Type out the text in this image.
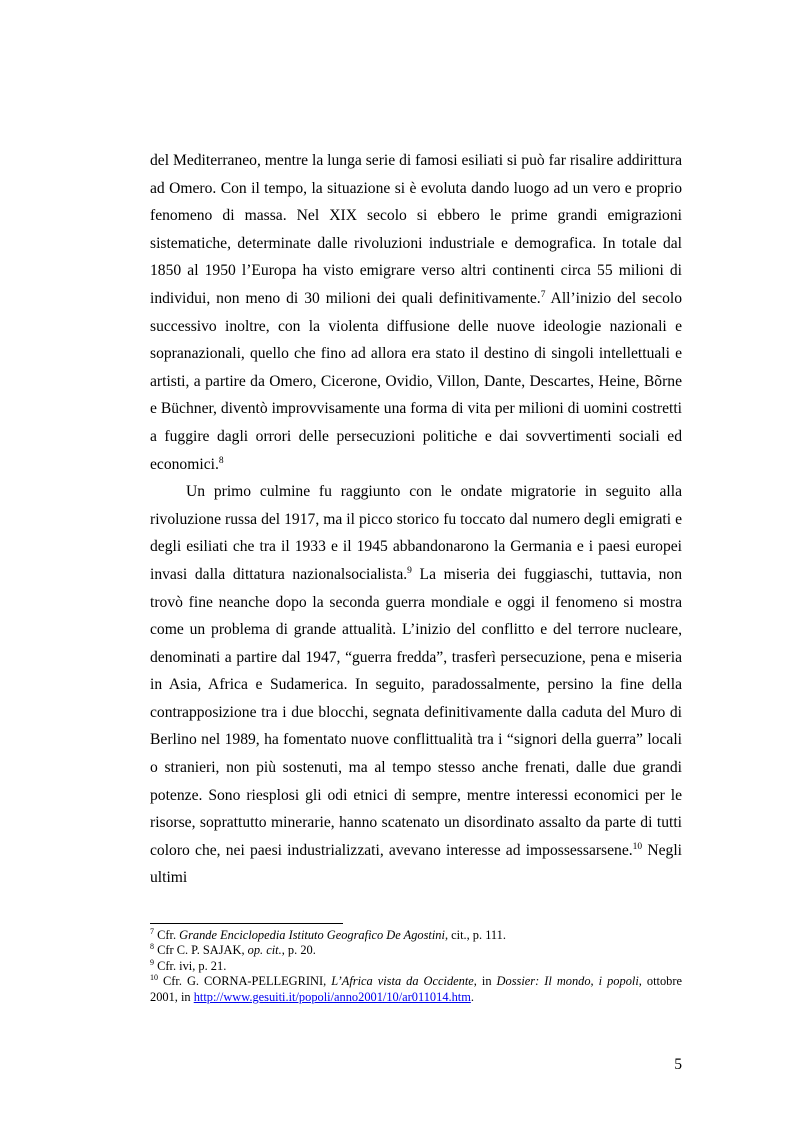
del Mediterraneo, mentre la lunga serie di famosi esiliati si può far risalire addirittura ad Omero. Con il tempo, la situazione si è evoluta dando luogo ad un vero e proprio fenomeno di massa. Nel XIX secolo si ebbero le prime grandi emigrazioni sistematiche, determinate dalle rivoluzioni industriale e demografica. In totale dal 1850 al 1950 l’Europa ha visto emigrare verso altri continenti circa 55 milioni di individui, non meno di 30 milioni dei quali definitivamente.$^7$ All’inizio del secolo successivo inoltre, con la violenta diffusione delle nuove ideologie nazionali e sopranazionali, quello che fino ad allora era stato il destino di singoli intellettuali e artisti, a partire da Omero, Cicerone, Ovidio, Villon, Dante, Descartes, Heine, Bõrne e Büchner, diventò improvvisamente una forma di vita per milioni di uomini costretti a fuggire dagli orrori delle persecuzioni politiche e dai sovvertimenti sociali ed economici.$^8$

Un primo culmine fu raggiunto con le ondate migratorie in seguito alla rivoluzione russa del 1917, ma il picco storico fu toccato dal numero degli emigrati e degli esiliati che tra il 1933 e il 1945 abbandonarono la Germania e i paesi europei invasi dalla dittatura nazionalsocialista.$^9$ La miseria dei fuggiaschi, tuttavia, non trovò fine neanche dopo la seconda guerra mondiale e oggi il fenomeno si mostra come un problema di grande attualità. L’inizio del conflitto e del terrore nucleare, denominati a partire dal 1947, “guerra fredda”, trasferì persecuzione, pena e miseria in Asia, Africa e Sudamerica. In seguito, paradossalmente, persino la fine della contrapposizione tra i due blocchi, segnata definitivamente dalla caduta del Muro di Berlino nel 1989, ha fomentato nuove conflittualità tra i “signori della guerra” locali o stranieri, non più sostenuti, ma al tempo stesso anche frenati, dalle due grandi potenze. Sono riesplosi gli odi etnici di sempre, mentre interessi economici per le risorse, soprattutto minerarie, hanno scatenato un disordinato assalto da parte di tutti coloro che, nei paesi industrializzati, avevano interesse ad impossessarsene.$^{10}$ Negli ultimi

$^7$ Cfr. Grande Enciclopedia Istituto Geografico De Agostini, cit., p. 111.

$^8$ Cfr C. P. SAJAK, op. cit., p. 20.

$^9$ Cfr. ivi, p. 21.

$^{10}$ Cfr. G. CORNA-PELLEGRINI, L’Africa vista da Occidente, in Dossier: Il mondo, i popoli, ottobre 2001, in http://www.gesuiti.it/popoli/anno2001/10/ar011014.htm.

5
